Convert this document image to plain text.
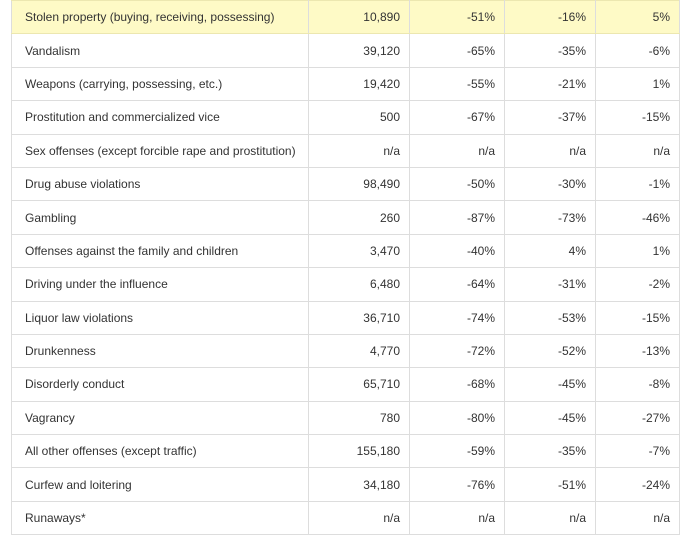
Stolen property (buying, receiving, possessing)	10,890	-51%	-16%	5%
Vandalism	39,120	-65%	-35%	-6%
Weapons (carrying, possessing, etc.)	19,420	-55%	-21%	1%
Prostitution and commercialized vice	500	-67%	-37%	-15%
Sex offenses (except forcible rape and prostitution)	n/a	n/a	n/a	n/a
Drug abuse violations	98,490	-50%	-30%	-1%
Gambling	260	-87%	-73%	-46%
Offenses against the family and children	3,470	-40%	4%	1%
Driving under the influence	6,480	-64%	-31%	-2%
Liquor law violations	36,710	-74%	-53%	-15%
Drunkenness	4,770	-72%	-52%	-13%
Disorderly conduct	65,710	-68%	-45%	-8%
Vagrancy	780	-80%	-45%	-27%
All other offenses (except traffic)	155,180	-59%	-35%	-7%
Curfew and loitering	34,180	-76%	-51%	-24%
Runaways*	n/a	n/a	n/a	n/a
